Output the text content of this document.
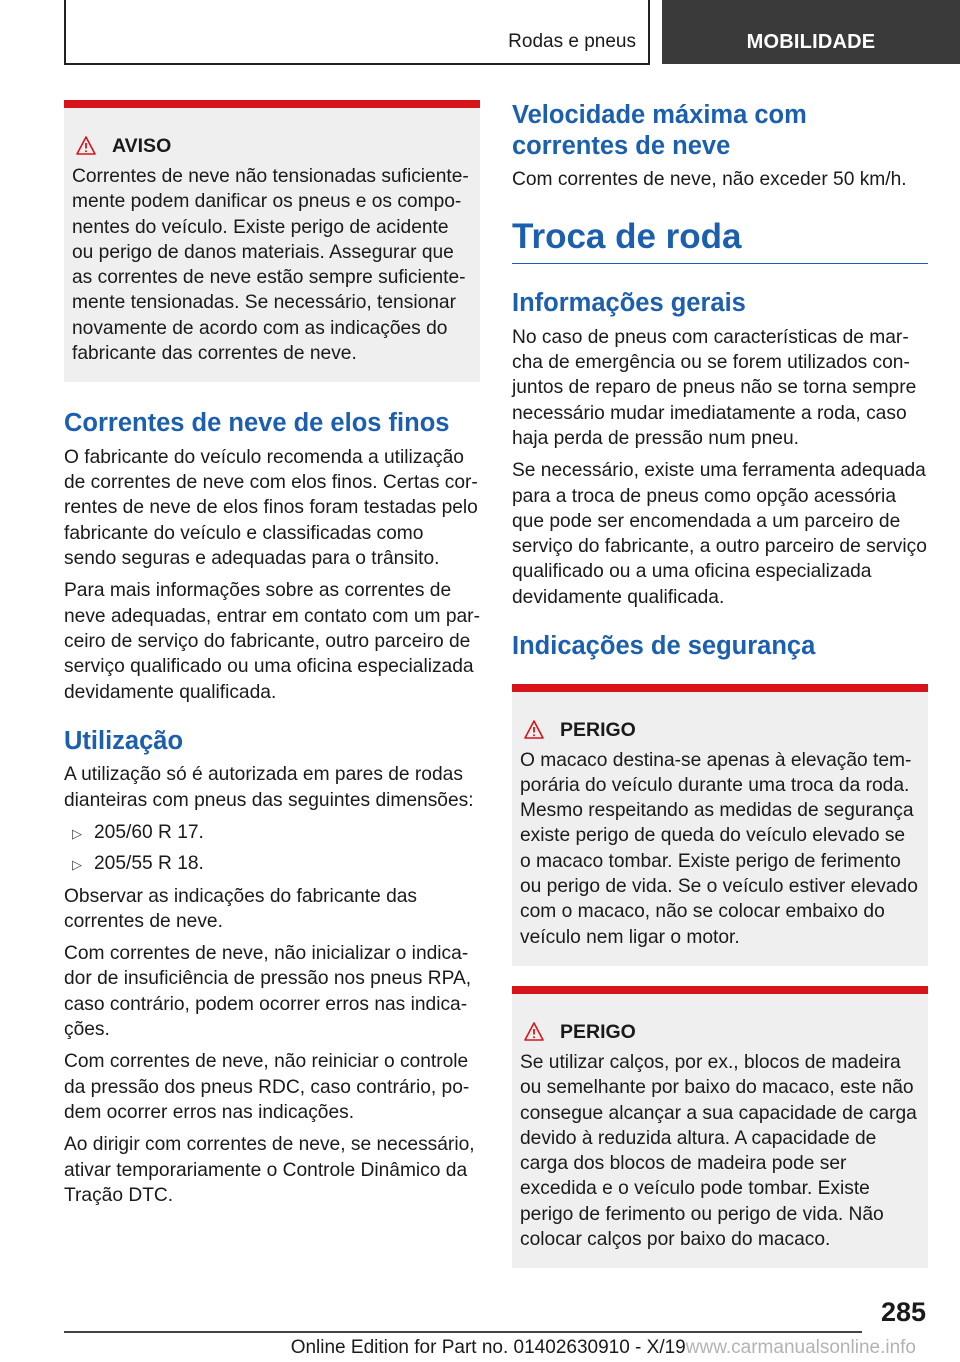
Rodas e pneus	MOBILIDADE
AVISO

Correntes de neve não tensionadas suficientemente podem danificar os pneus e os componentes do veículo. Existe perigo de acidente ou perigo de danos materiais. Assegurar que as correntes de neve estão sempre suficientemente tensionadas. Se necessário, tensionar novamente de acordo com as indicações do fabricante das correntes de neve.

Correntes de neve de elos finos

O fabricante do veículo recomenda a utilização de correntes de neve com elos finos. Certas correntes de neve de elos finos foram testadas pelo fabricante do veículo e classificadas como sendo seguras e adequadas para o trânsito.

Para mais informações sobre as correntes de neve adequadas, entrar em contato com um parceiro de serviço do fabricante, outro parceiro de serviço qualificado ou uma oficina especializada devidamente qualificada.

Utilização

A utilização só é autorizada em pares de rodas dianteiras com pneus das seguintes dimensões:

▷ 205/60 R 17.
▷ 205/55 R 18.

Observar as indicações do fabricante das correntes de neve.

Com correntes de neve, não inicializar o indicador de insuficiência de pressão nos pneus RPA, caso contrário, podem ocorrer erros nas indicações.

Com correntes de neve, não reiniciar o controle da pressão dos pneus RDC, caso contrário, podem ocorrer erros nas indicações.

Ao dirigir com correntes de neve, se necessário, ativar temporariamente o Controle Dinâmico da Tração DTC.

Velocidade máxima com correntes de neve

Com correntes de neve, não exceder 50 km/h.

Troca de roda
Informações gerais

No caso de pneus com características de marcha de emergência ou se forem utilizados conjuntos de reparo de pneus não se torna sempre necessário mudar imediatamente a roda, caso haja perda de pressão num pneu.

Se necessário, existe uma ferramenta adequada para a troca de pneus como opção acessória que pode ser encomendada a um parceiro de serviço do fabricante, a outro parceiro de serviço qualificado ou a uma oficina especializada devidamente qualificada.

Indicações de segurança
PERIGO

O macaco destina-se apenas à elevação temporária do veículo durante uma troca da roda. Mesmo respeitando as medidas de segurança existe perigo de queda do veículo elevado se o macaco tombar. Existe perigo de ferimento ou perigo de vida. Se o veículo estiver elevado com o macaco, não se colocar embaixo do veículo nem ligar o motor.

PERIGO

Se utilizar calços, por ex., blocos de madeira ou semelhante por baixo do macaco, este não consegue alcançar a sua capacidade de carga devido à reduzida altura. A capacidade de carga dos blocos de madeira pode ser excedida e o veículo pode tombar. Existe perigo de ferimento ou perigo de vida. Não colocar calços por baixo do macaco.

285
Online Edition for Part no. 01402630910 - X/19www.carmanualsonline.info
